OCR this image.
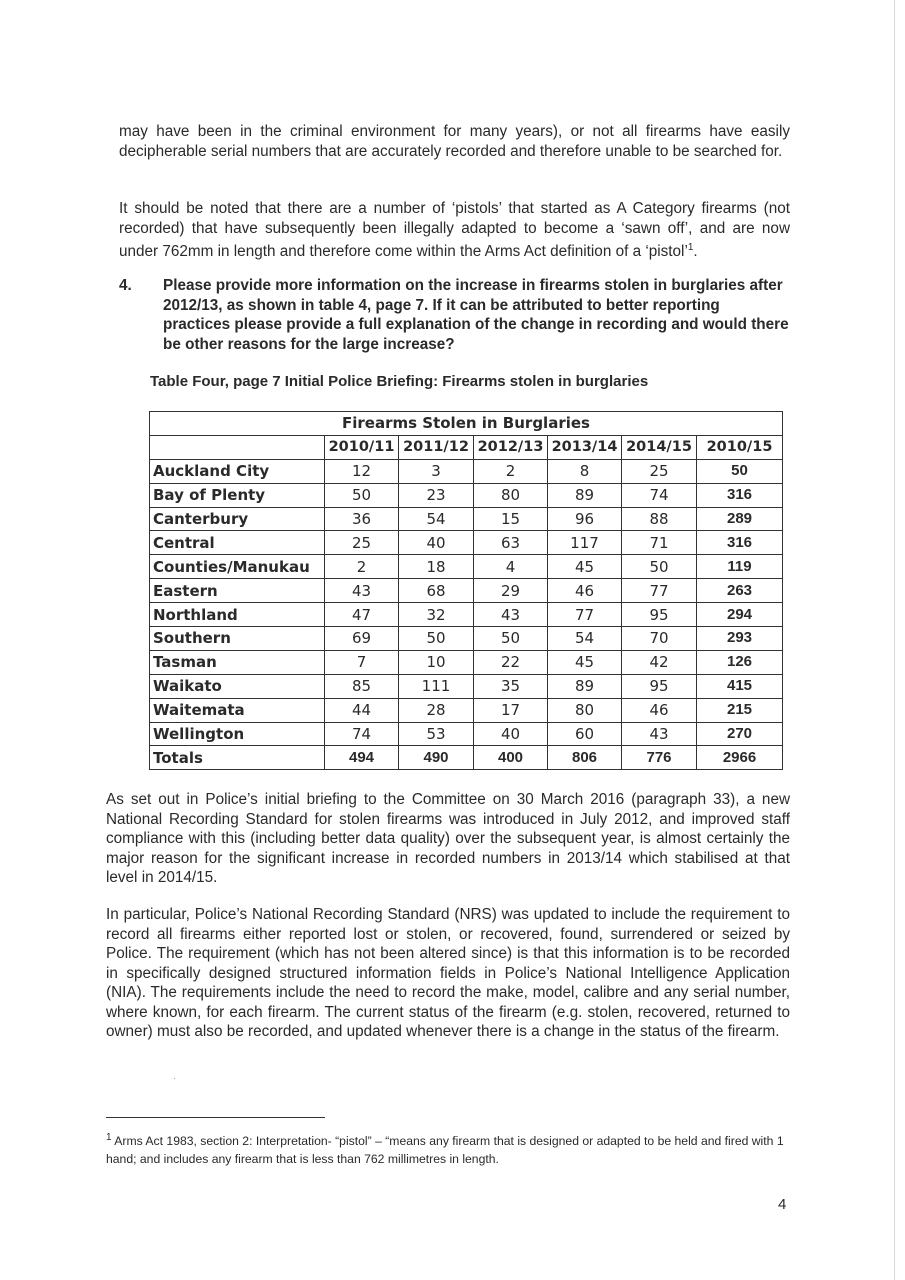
may have been in the criminal environment for many years), or not all firearms have easily decipherable serial numbers that are accurately recorded and therefore unable to be searched for.

It should be noted that there are a number of ‘pistols’ that started as A Category firearms (not recorded) that have subsequently been illegally adapted to become a ‘sawn off’, and are now under 762mm in length and therefore come within the Arms Act definition of a ‘pistol’$^1$.

4. Please provide more information on the increase in firearms stolen in burglaries after 2012/13, as shown in table 4, page 7. If it can be attributed to better reporting practices please provide a full explanation of the change in recording and would there be other reasons for the large increase?

Table Four, page 7 Initial Police Briefing: Firearms stolen in burglaries

Firearms Stolen in Burglaries						
	2010/11	2011/12	2012/13	2013/14	2014/15	2010/15
Auckland City	12	3	2	8	25	50
Bay of Plenty	50	23	80	89	74	316
Canterbury	36	54	15	96	88	289
Central	25	40	63	117	71	316
Counties/Manukau	2	18	4	45	50	119
Eastern	43	68	29	46	77	263
Northland	47	32	43	77	95	294
Southern	69	50	50	54	70	293
Tasman	7	10	22	45	42	126
Waikato	85	111	35	89	95	415
Waitemata	44	28	17	80	46	215
Wellington	74	53	40	60	43	270
Totals	494	490	400	806	776	2966

As set out in Police’s initial briefing to the Committee on 30 March 2016 (paragraph 33), a new National Recording Standard for stolen firearms was introduced in July 2012, and improved staff compliance with this (including better data quality) over the subsequent year, is almost certainly the major reason for the significant increase in recorded numbers in 2013/14 which stabilised at that level in 2014/15.

In particular, Police’s National Recording Standard (NRS) was updated to include the requirement to record all firearms either reported lost or stolen, or recovered, found, surrendered or seized by Police. The requirement (which has not been altered since) is that this information is to be recorded in specifically designed structured information fields in Police’s National Intelligence Application (NIA). The requirements include the need to record the make, model, calibre and any serial number, where known, for each firearm. The current status of the firearm (e.g. stolen, recovered, returned to owner) must also be recorded, and updated whenever there is a change in the status of the firearm.

$^1$ Arms Act 1983, section 2: Interpretation- “pistol” – “means any firearm that is designed or adapted to be held and fired with 1 hand; and includes any firearm that is less than 762 millimetres in length.

4
